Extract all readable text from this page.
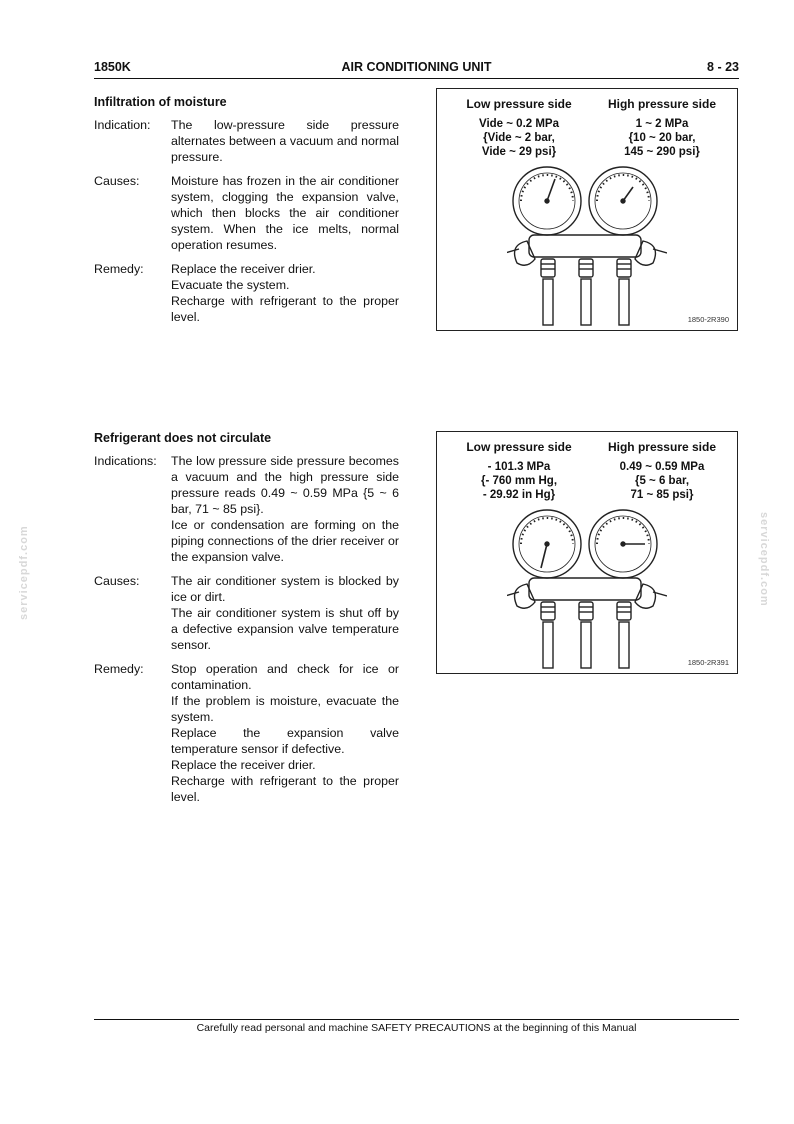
1850K	AIR CONDITIONING UNIT	8 - 23
Infiltration of moisture
Indication:	The low-pressure side pressure alternates between a vacuum and normal pressure.

Causes:	Moisture has frozen in the air conditioner system, clogging the expansion valve, which then blocks the air conditioner system. When the ice melts, normal operation resumes.

Remedy:	Replace the receiver drier.

Evacuate the system.

Recharge with refrigerant to the proper level.

Low pressure side
Vide ~ 0.2 MPa
{Vide ~ 2 bar,
Vide ~ 29 psi}
High pressure side
1 ~ 2 MPa
{10 ~ 20 bar,
145 ~ 290 psi}
1850-2R390
Refrigerant does not circulate
Indications:	The low pressure side pressure becomes a vacuum and the high pressure side pressure reads 0.49 ~ 0.59 MPa {5 ~ 6 bar, 71 ~ 85 psi}.

Ice or condensation are forming on the piping connections of the drier receiver or the expansion valve.

Causes:	The air conditioner system is blocked by ice or dirt.

The air conditioner system is shut off by a defective expansion valve temperature sensor.

Remedy:	Stop operation and check for ice or contamination.

If the problem is moisture, evacuate the system.

Replace the expansion valve temperature sensor if defective.

Replace the receiver drier.

Recharge with refrigerant to the proper level.

Low pressure side
- 101.3 MPa
{- 760 mm Hg,
- 29.92 in Hg}
High pressure side
0.49 ~ 0.59 MPa
{5 ~ 6 bar,
71 ~ 85 psi}
1850-2R391
servicepdf.com	servicepdf.com
Carefully read personal and machine SAFETY PRECAUTIONS at the beginning of this Manual
